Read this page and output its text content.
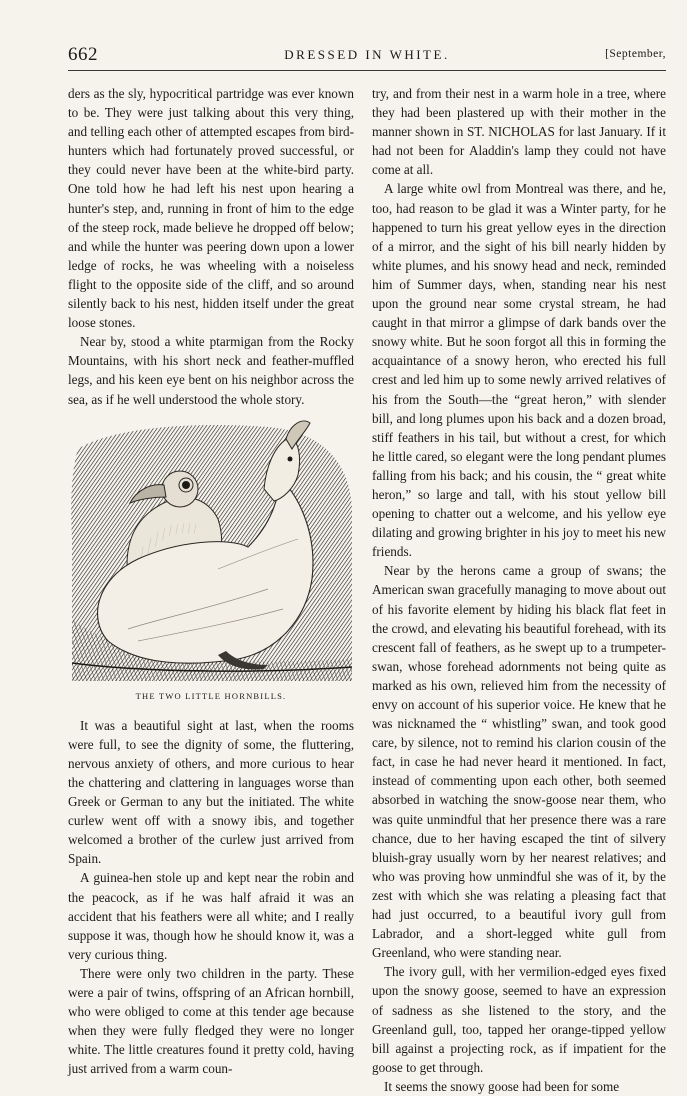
662	DRESSED IN WHITE.	[September,

ders as the sly, hypocritical partridge was ever known to be. They were just talking about this very thing, and telling each other of attempted escapes from bird-hunters which had fortunately proved successful, or they could never have been at the white-bird party. One told how he had left his nest upon hearing a hunter's step, and, running in front of him to the edge of the steep rock, made believe he dropped off below; and while the hunter was peering down upon a lower ledge of rocks, he was wheeling with a noiseless flight to the opposite side of the cliff, and so around silently back to his nest, hidden itself under the great loose stones.

Near by, stood a white ptarmigan from the Rocky Mountains, with his short neck and feather-muffled legs, and his keen eye bent on his neighbor across the sea, as if he well understood the whole story.

THE TWO LITTLE HORNBILLS.

It was a beautiful sight at last, when the rooms were full, to see the dignity of some, the fluttering, nervous anxiety of others, and more curious to hear the chattering and clattering in languages worse than Greek or German to any but the initiated. The white curlew went off with a snowy ibis, and together welcomed a brother of the curlew just arrived from Spain.

A guinea-hen stole up and kept near the robin and the peacock, as if he was half afraid it was an accident that his feathers were all white; and I really suppose it was, though how he should know it, was a very curious thing.

There were only two children in the party. These were a pair of twins, offspring of an African hornbill, who were obliged to come at this tender age because when they were fully fledged they were no longer white. The little creatures found it pretty cold, having just arrived from a warm coun-

try, and from their nest in a warm hole in a tree, where they had been plastered up with their mother in the manner shown in ST. NICHOLAS for last January. If it had not been for Aladdin's lamp they could not have come at all.

A large white owl from Montreal was there, and he, too, had reason to be glad it was a Winter party, for he happened to turn his great yellow eyes in the direction of a mirror, and the sight of his bill nearly hidden by white plumes, and his snowy head and neck, reminded him of Summer days, when, standing near his nest upon the ground near some crystal stream, he had caught in that mirror a glimpse of dark bands over the snowy white. But he soon forgot all this in forming the acquaintance of a snowy heron, who erected his full crest and led him up to some newly arrived relatives of his from the South—the “great heron,” with slender bill, and long plumes upon his back and a dozen broad, stiff feathers in his tail, but without a crest, for which he little cared, so elegant were the long pendant plumes falling from his back; and his cousin, the “ great white heron,” so large and tall, with his stout yellow bill opening to chatter out a welcome, and his yellow eye dilating and growing brighter in his joy to meet his new friends.

Near by the herons came a group of swans; the American swan gracefully managing to move about out of his favorite element by hiding his black flat feet in the crowd, and elevating his beautiful forehead, with its crescent fall of feathers, as he swept up to a trumpeter-swan, whose forehead adornments not being quite as marked as his own, relieved him from the necessity of envy on account of his superior voice. He knew that he was nicknamed the “ whistling” swan, and took good care, by silence, not to remind his clarion cousin of the fact, in case he had never heard it mentioned. In fact, instead of commenting upon each other, both seemed absorbed in watching the snow-goose near them, who was quite unmindful that her presence there was a rare chance, due to her having escaped the tint of silvery bluish-gray usually worn by her nearest relatives; and who was proving how unmindful she was of it, by the zest with which she was relating a pleasing fact that had just occurred, to a beautiful ivory gull from Labrador, and a short-legged white gull from Greenland, who were standing near.

The ivory gull, with her vermilion-edged eyes fixed upon the snowy goose, seemed to have an expression of sadness as she listened to the story, and the Greenland gull, too, tapped her orange-tipped yellow bill against a projecting rock, as if impatient for the goose to get through.

It seems the snowy goose had been for some
